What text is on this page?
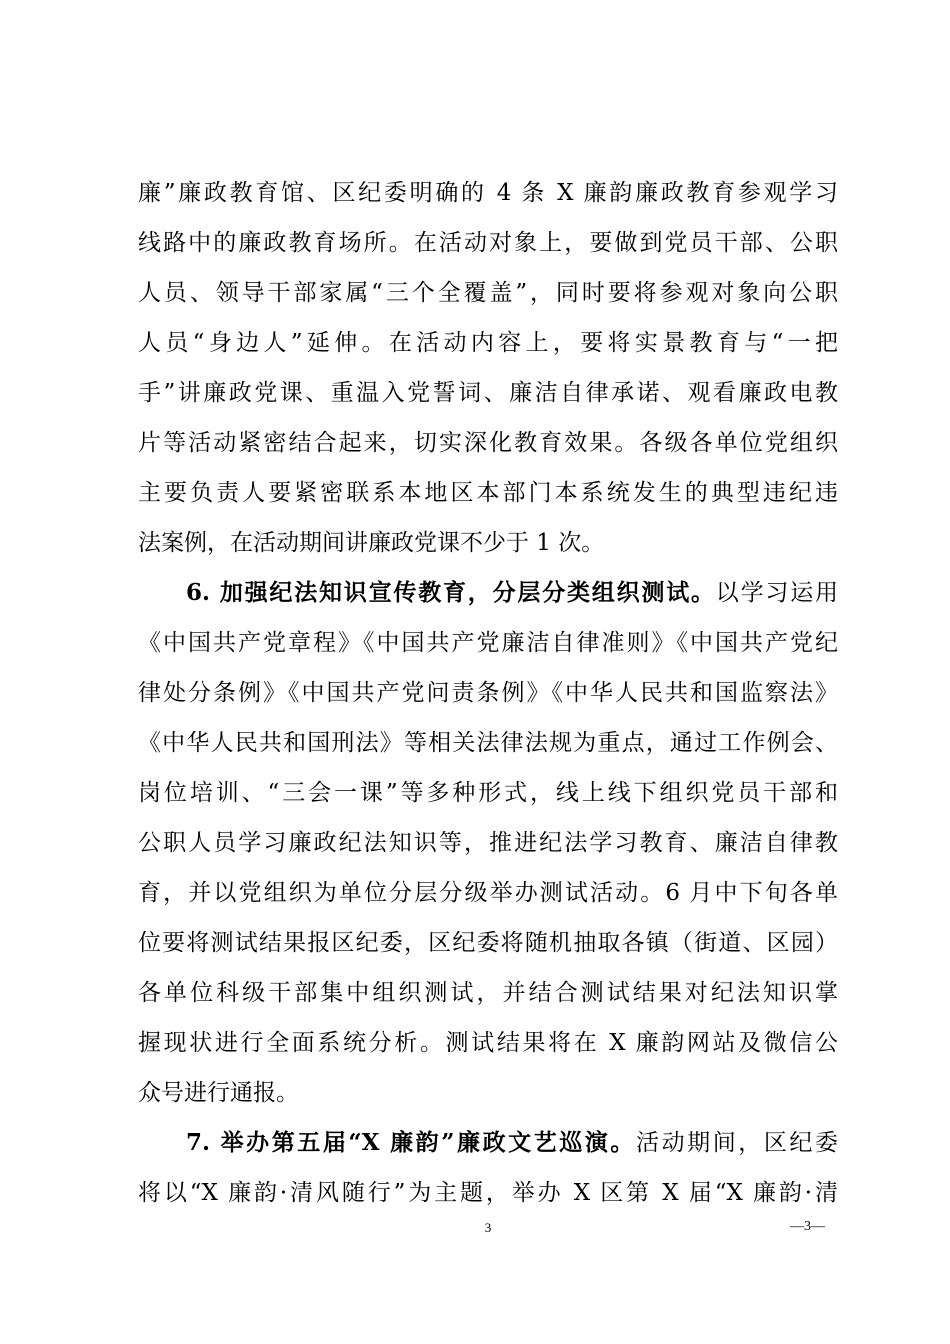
廉”廉政教育馆、区纪委明确的 4 条 X 廉韵廉政教育参观学习
线路中的廉政教育场所。在活动对象上，要做到党员干部、公职
人员、领导干部家属“三个全覆盖”，同时要将参观对象向公职
人员“身边人”延伸。在活动内容上，要将实景教育与“一把
手”讲廉政党课、重温入党誓词、廉洁自律承诺、观看廉政电教
片等活动紧密结合起来，切实深化教育效果。各级各单位党组织
主要负责人要紧密联系本地区本部门本系统发生的典型违纪违
法案例，在活动期间讲廉政党课不少于 1 次。
6. 加强纪法知识宣传教育，分层分类组织测试。以学习运用
《中国共产党章程》《中国共产党廉洁自律准则》《中国共产党纪
律处分条例》《中国共产党问责条例》《中华人民共和国监察法》
《中华人民共和国刑法》等相关法律法规为重点，通过工作例会、
岗位培训、“三会一课”等多种形式，线上线下组织党员干部和
公职人员学习廉政纪法知识等，推进纪法学习教育、廉洁自律教
育，并以党组织为单位分层分级举办测试活动。6 月中下旬各单
位要将测试结果报区纪委，区纪委将随机抽取各镇（街道、区园）
各单位科级干部集中组织测试，并结合测试结果对纪法知识掌
握现状进行全面系统分析。测试结果将在 X 廉韵网站及微信公
众号进行通报。
7. 举办第五届“X 廉韵”廉政文艺巡演。活动期间，区纪委
将以“X 廉韵·清风随行”为主题，举办 X 区第 X 届“X 廉韵·清
3	—3—
